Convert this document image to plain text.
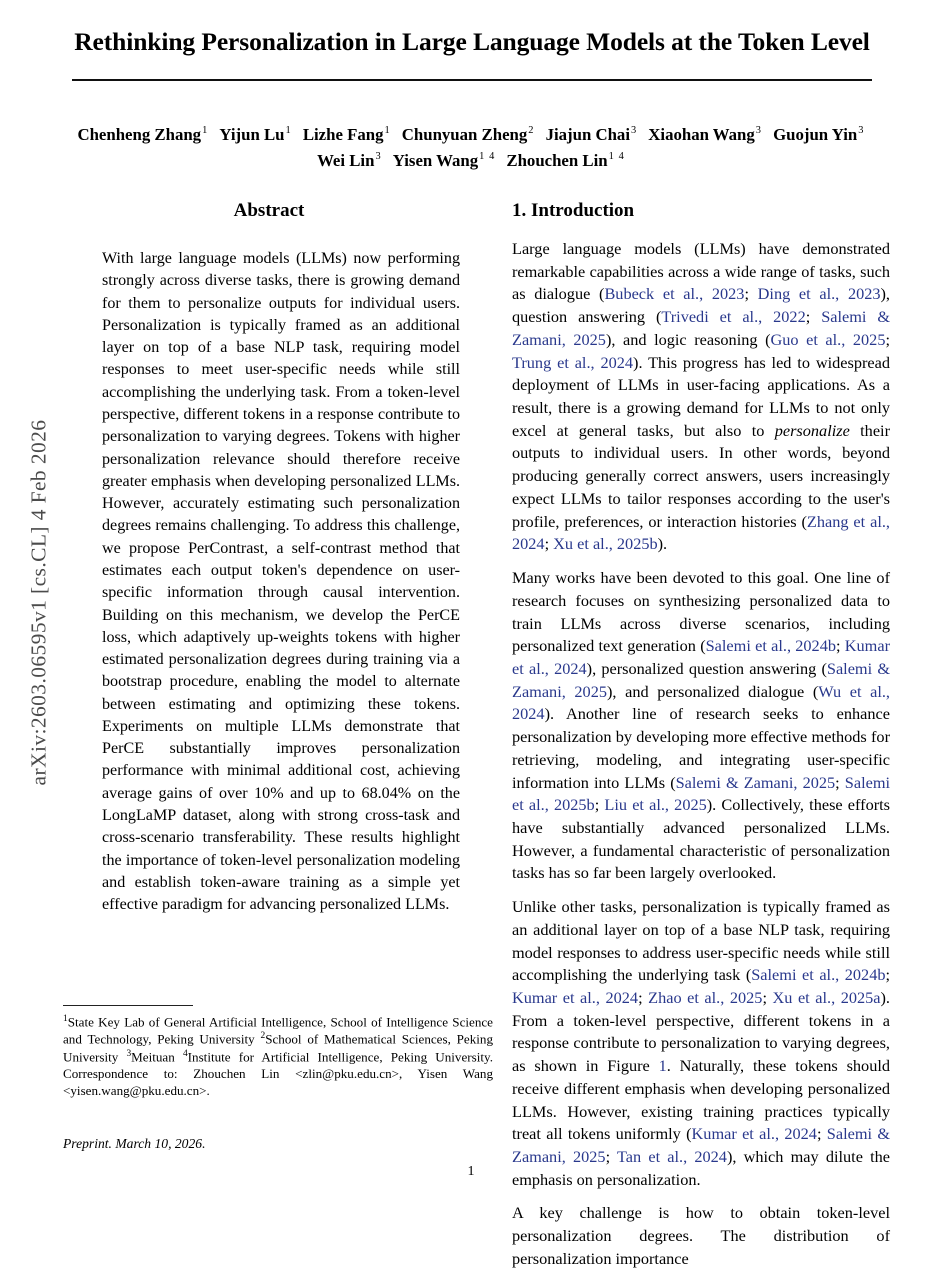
arXiv:2603.06595v1 [cs.CL] 4 Feb 2026
Rethinking Personalization in Large Language Models at the Token Level
Chenheng Zhang$^1$ Yijun Lu$^1$ Lizhe Fang$^1$ Chunyuan Zheng$^2$ Jiajun Chai$^3$ Xiaohan Wang$^3$ Guojun Yin$^3$
Wei Lin$^3$ Yisen Wang$^{1 4}$ Zhouchen Lin$^{1 4}$
Abstract
With large language models (LLMs) now performing strongly across diverse tasks, there is growing demand for them to personalize outputs for individual users. Personalization is typically framed as an additional layer on top of a base NLP task, requiring model responses to meet user-specific needs while still accomplishing the underlying task. From a token-level perspective, different tokens in a response contribute to personalization to varying degrees. Tokens with higher personalization relevance should therefore receive greater emphasis when developing personalized LLMs. However, accurately estimating such personalization degrees remains challenging. To address this challenge, we propose PerContrast, a self-contrast method that estimates each output token's dependence on user-specific information through causal intervention. Building on this mechanism, we develop the PerCE loss, which adaptively up-weights tokens with higher estimated personalization degrees during training via a bootstrap procedure, enabling the model to alternate between estimating and optimizing these tokens. Experiments on multiple LLMs demonstrate that PerCE substantially improves personalization performance with minimal additional cost, achieving average gains of over 10% and up to 68.04% on the LongLaMP dataset, along with strong cross-task and cross-scenario transferability. These results highlight the importance of token-level personalization modeling and establish token-aware training as a simple yet effective paradigm for advancing personalized LLMs.
1. Introduction
Large language models (LLMs) have demonstrated remarkable capabilities across a wide range of tasks, such as dialogue (Bubeck et al., 2023; Ding et al., 2023), question answering (Trivedi et al., 2022; Salemi & Zamani, 2025), and logic reasoning (Guo et al., 2025; Trung et al., 2024). This progress has led to widespread deployment of LLMs in user-facing applications. As a result, there is a growing demand for LLMs to not only excel at general tasks, but also to personalize their outputs to individual users. In other words, beyond producing generally correct answers, users increasingly expect LLMs to tailor responses according to the user's profile, preferences, or interaction histories (Zhang et al., 2024; Xu et al., 2025b).
Many works have been devoted to this goal. One line of research focuses on synthesizing personalized data to train LLMs across diverse scenarios, including personalized text generation (Salemi et al., 2024b; Kumar et al., 2024), personalized question answering (Salemi & Zamani, 2025), and personalized dialogue (Wu et al., 2024). Another line of research seeks to enhance personalization by developing more effective methods for retrieving, modeling, and integrating user-specific information into LLMs (Salemi & Zamani, 2025; Salemi et al., 2025b; Liu et al., 2025). Collectively, these efforts have substantially advanced personalized LLMs. However, a fundamental characteristic of personalization tasks has so far been largely overlooked.
Unlike other tasks, personalization is typically framed as an additional layer on top of a base NLP task, requiring model responses to address user-specific needs while still accomplishing the underlying task (Salemi et al., 2024b; Kumar et al., 2024; Zhao et al., 2025; Xu et al., 2025a). From a token-level perspective, different tokens in a response contribute to personalization to varying degrees, as shown in Figure 1. Naturally, these tokens should receive different emphasis when developing personalized LLMs. However, existing training practices typically treat all tokens uniformly (Kumar et al., 2024; Salemi & Zamani, 2025; Tan et al., 2024), which may dilute the emphasis on personalization.
A key challenge is how to obtain token-level personalization degrees. The distribution of personalization importance
$^1$State Key Lab of General Artificial Intelligence, School of Intelligence Science and Technology, Peking University $^2$School of Mathematical Sciences, Peking University $^3$Meituan $^4$Institute for Artificial Intelligence, Peking University. Correspondence to: Zhouchen Lin <zlin@pku.edu.cn>, Yisen Wang <yisen.wang@pku.edu.cn>.
Preprint. March 10, 2026.
1
